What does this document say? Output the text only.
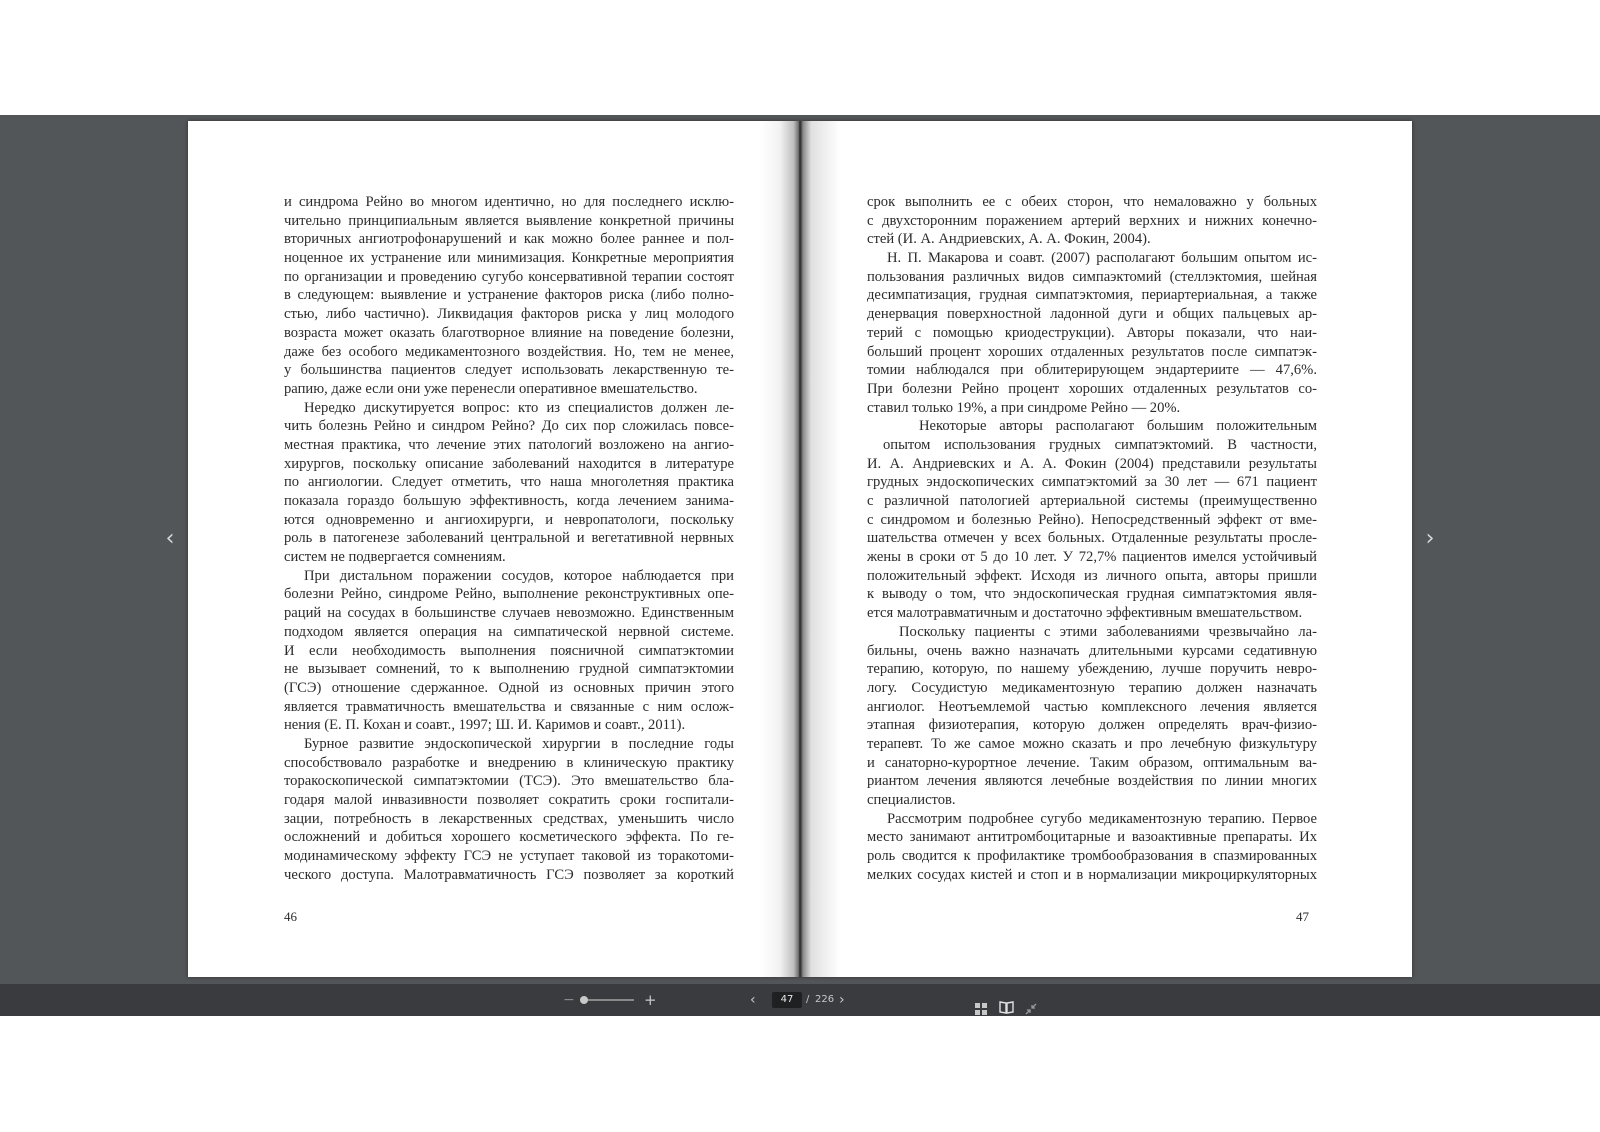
‹
и синдрома Рейно во многом идентично, но для последнего исклю-
чительно принципиальным является выявление конкретной причины
вторичных ангиотрофонарушений и как можно более раннее и пол-
ноценное их устранение или минимизация. Конкретные мероприятия
по организации и проведению сугубо консервативной терапии состоят
в следующем: выявление и устранение факторов риска (либо полно-
стью, либо частично). Ликвидация факторов риска у лиц молодого
возраста может оказать благотворное влияние на поведение болезни,
даже без особого медикаментозного воздействия. Но, тем не менее,
у большинства пациентов следует использовать лекарственную те-
рапию, даже если они уже перенесли оперативное вмешательство.
Нередко дискутируется вопрос: кто из специалистов должен ле-
чить болезнь Рейно и синдром Рейно? До сих пор сложилась повсе-
местная практика, что лечение этих патологий возложено на ангио-
хирургов, поскольку описание заболеваний находится в литературе
по ангиологии. Следует отметить, что наша многолетняя практика
показала гораздо большую эффективность, когда лечением занима-
ются одновременно и ангиохирурги, и невропатологи, поскольку
роль в патогенезе заболеваний центральной и вегетативной нервных
систем не подвергается сомнениям.
При дистальном поражении сосудов, которое наблюдается при
болезни Рейно, синдроме Рейно, выполнение реконструктивных опе-
раций на сосудах в большинстве случаев невозможно. Единственным
подходом является операция на симпатической нервной системе.
И если необходимость выполнения поясничной симпатэктомии
не вызывает сомнений, то к выполнению грудной симпатэктомии
(ГСЭ) отношение сдержанное. Одной из основных причин этого
является травматичность вмешательства и связанные с ним ослож-
нения (Е. П. Кохан и соавт., 1997; Ш. И. Каримов и соавт., 2011).
Бурное развитие эндоскопической хирургии в последние годы
способствовало разработке и внедрению в клиническую практику
торакоскопической симпатэктомии (ТСЭ). Это вмешательство бла-
годаря малой инвазивности позволяет сократить сроки госпитали-
зации, потребность в лекарственных средствах, уменьшить число
осложнений и добиться хорошего косметического эффекта. По ге-
модинамическому эффекту ГСЭ не уступает таковой из торакотоми-
ческого доступа. Малотравматичность ГСЭ позволяет за короткий
46
срок выполнить ее с обеих сторон, что немаловажно у больных
с двухсторонним поражением артерий верхних и нижних конечно-
стей (И. А. Андриевских, А. А. Фокин, 2004).
Н. П. Макарова и соавт. (2007) располагают большим опытом ис-
пользования различных видов симпаэктомий (стеллэктомия, шейная
десимпатизация, грудная симпатэктомия, периартериальная, а также
денервация поверхностной ладонной дуги и общих пальцевых ар-
терий с помощью криодеструкции). Авторы показали, что наи-
больший процент хороших отдаленных результатов после симпатэк-
томии наблюдался при облитерирующем эндартериите — 47,6%.
При болезни Рейно процент хороших отдаленных результатов со-
ставил только 19%, а при синдроме Рейно — 20%.
Некоторые авторы располагают большим положительным
опытом использования грудных симпатэктомий. В частности,
И. А. Андриевских и А. А. Фокин (2004) представили результаты
грудных эндоскопических симпатэктомий за 30 лет — 671 пациент
с различной патологией артериальной системы (преимущественно
с синдромом и болезнью Рейно). Непосредственный эффект от вме-
шательства отмечен у всех больных. Отдаленные результаты просле-
жены в сроки от 5 до 10 лет. У 72,7% пациентов имелся устойчивый
положительный эффект. Исходя из личного опыта, авторы пришли
к выводу о том, что эндоскопическая грудная симпатэктомия явля-
ется малотравматичным и достаточно эффективным вмешательством.
Поскольку пациенты с этими заболеваниями чрезвычайно ла-
бильны, очень важно назначать длительными курсами седативную
терапию, которую, по нашему убеждению, лучше поручить невро-
логу. Сосудистую медикаментозную терапию должен назначать
ангиолог. Неотъемлемой частью комплексного лечения является
этапная физиотерапия, которую должен определять врач-физио-
терапевт. То же самое можно сказать и про лечебную физкультуру
и санаторно-курортное лечение. Таким образом, оптимальным ва-
риантом лечения являются лечебные воздействия по линии многих
специалистов.
Рассмотрим подробнее сугубо медикаментозную терапию. Первое
место занимают антитромбоцитарные и вазоактивные препараты. Их
роль сводится к профилактике тромбообразования в спазмированных
мелких сосудах кистей и стоп и в нормализации микроциркуляторных
47
›
−	+	‹	47	/ 226 ›
